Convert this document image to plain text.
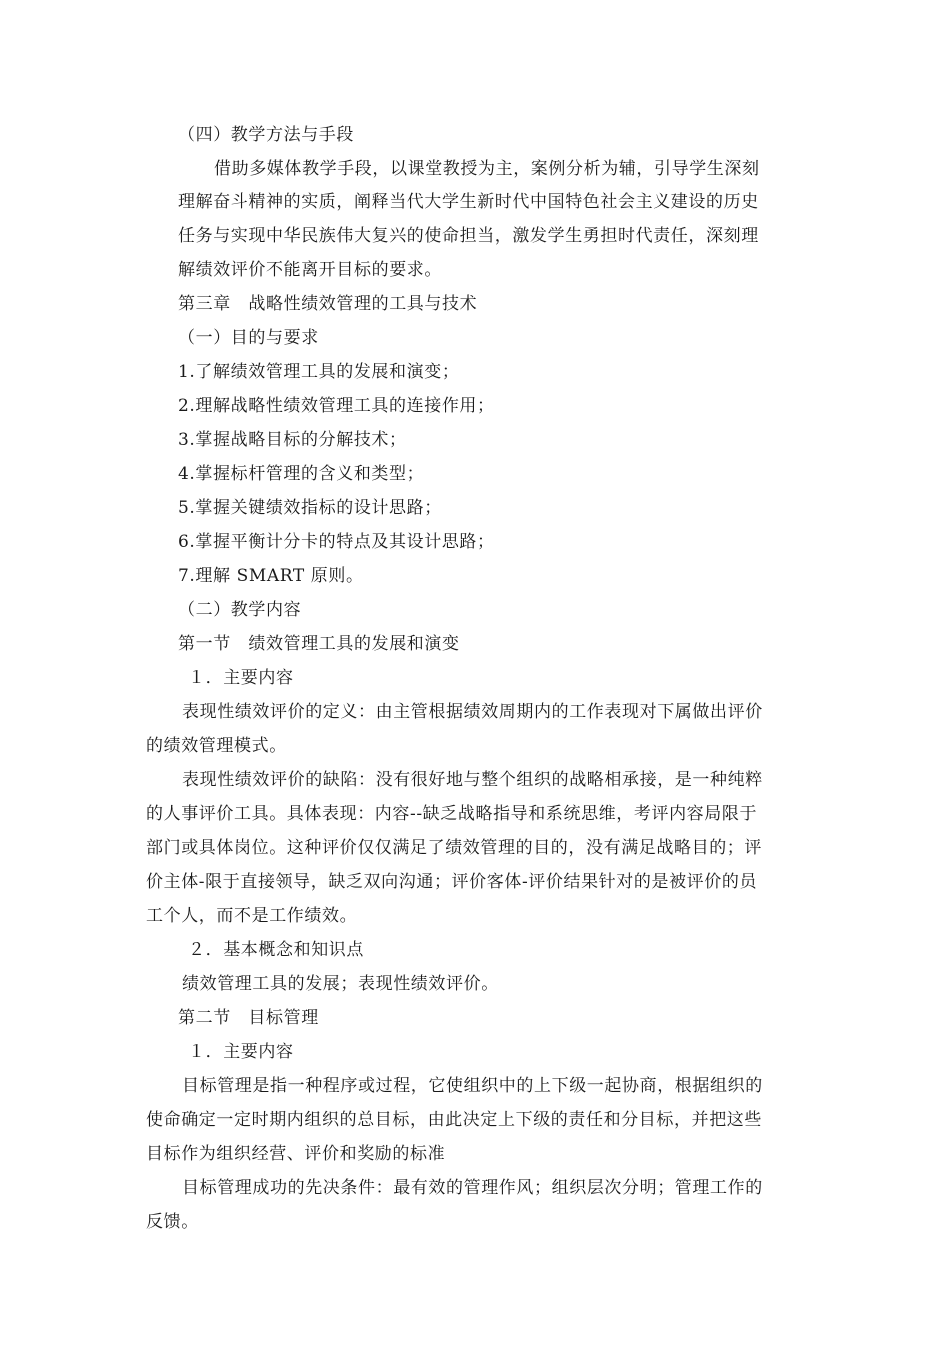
（四）教学方法与手段
借助多媒体教学手段，以课堂教授为主，案例分析为辅，引导学生深刻
理解奋斗精神的实质，阐释当代大学生新时代中国特色社会主义建设的历史
任务与实现中华民族伟大复兴的使命担当，激发学生勇担时代责任，深刻理
解绩效评价不能离开目标的要求。
第三章　战略性绩效管理的工具与技术
（一）目的与要求
1.了解绩效管理工具的发展和演变；
2.理解战略性绩效管理工具的连接作用；
3.掌握战略目标的分解技术；
4.掌握标杆管理的含义和类型；
5.掌握关键绩效指标的设计思路；
6.掌握平衡计分卡的特点及其设计思路；
7.理解 SMART 原则。
（二）教学内容
第一节　绩效管理工具的发展和演变
１．主要内容
表现性绩效评价的定义：由主管根据绩效周期内的工作表现对下属做出评价
的绩效管理模式。
表现性绩效评价的缺陷：没有很好地与整个组织的战略相承接，是一种纯粹
的人事评价工具。具体表现：内容--缺乏战略指导和系统思维，考评内容局限于
部门或具体岗位。这种评价仅仅满足了绩效管理的目的，没有满足战略目的；评
价主体-限于直接领导，缺乏双向沟通；评价客体-评价结果针对的是被评价的员
工个人，而不是工作绩效。
２．基本概念和知识点
绩效管理工具的发展；表现性绩效评价。
第二节　目标管理
１．主要内容
目标管理是指一种程序或过程，它使组织中的上下级一起协商，根据组织的
使命确定一定时期内组织的总目标，由此决定上下级的责任和分目标，并把这些
目标作为组织经营、评价和奖励的标准
目标管理成功的先决条件：最有效的管理作风；组织层次分明；管理工作的
反馈。
